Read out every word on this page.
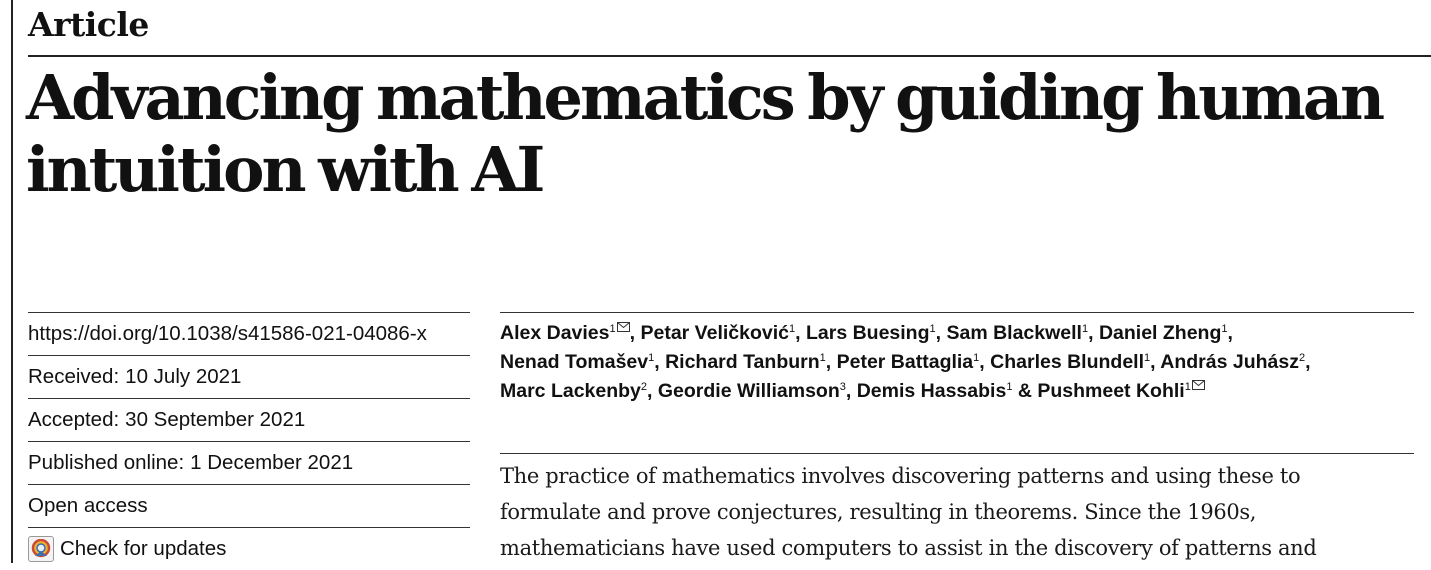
Article
Advancing mathematics by guiding human
intuition with AI
https://doi.org/10.1038/s41586-021-04086-x
Received: 10 July 2021
Accepted: 30 September 2021
Published online: 1 December 2021
Open access
Check for updates
Alex Davies$^1$ , Petar Veličković$^1$, Lars Buesing$^1$, Sam Blackwell$^1$, Daniel Zheng$^1$,
Nenad Tomašev$^1$, Richard Tanburn$^1$, Peter Battaglia$^1$, Charles Blundell$^1$, András Juhász$^2$,
Marc Lackenby$^2$, Geordie Williamson$^3$, Demis Hassabis$^1$ & Pushmeet Kohli$^1$

The practice of mathematics involves discovering patterns and using these to
formulate and prove conjectures, resulting in theorems. Since the 1960s,
mathematicians have used computers to assist in the discovery of patterns and
